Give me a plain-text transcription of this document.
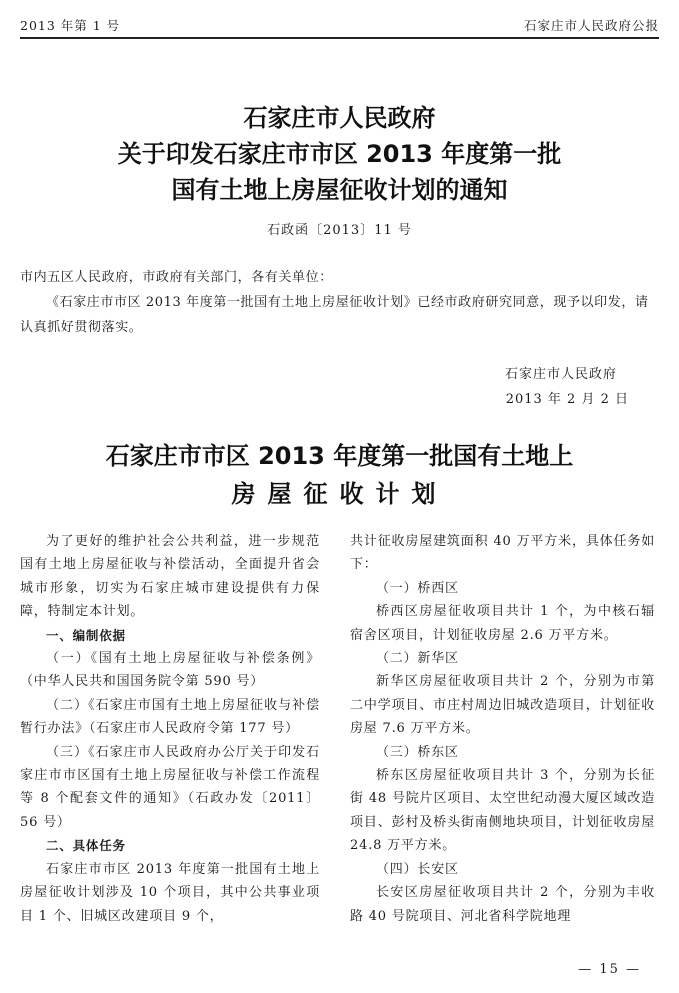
2013 年第 1 号	石家庄市人民政府公报
石家庄市人民政府
关于印发石家庄市市区 2013 年度第一批
国有土地上房屋征收计划的通知
石政函〔2013〕11 号

市内五区人民政府，市政府有关部门，各有关单位：

《石家庄市市区 2013 年度第一批国有土地上房屋征收计划》已经市政府研究同意，现予以印发，请认真抓好贯彻落实。

石家庄市人民政府
2013 年 2 月 2 日
石家庄市市区 2013 年度第一批国有土地上
房屋征收计划

为了更好的维护社会公共利益，进一步规范国有土地上房屋征收与补偿活动，全面提升省会城市形象，切实为石家庄城市建设提供有力保障，特制定本计划。

一、编制依据

（一）《国有土地上房屋征收与补偿条例》（中华人民共和国国务院令第 590 号）

（二）《石家庄市国有土地上房屋征收与补偿暂行办法》（石家庄市人民政府令第 177 号）

（三）《石家庄市人民政府办公厅关于印发石家庄市市区国有土地上房屋征收与补偿工作流程等 8 个配套文件的通知》（石政办发〔2011〕56 号）

二、具体任务

石家庄市市区 2013 年度第一批国有土地上房屋征收计划涉及 10 个项目，其中公共事业项目 1 个、旧城区改建项目 9 个，

共计征收房屋建筑面积 40 万平方米，具体任务如下：

（一）桥西区

桥西区房屋征收项目共计 1 个，为中核石辐宿舍区项目，计划征收房屋 2.6 万平方米。

（二）新华区

新华区房屋征收项目共计 2 个，分别为市第二中学项目、市庄村周边旧城改造项目，计划征收房屋 7.6 万平方米。

（三）桥东区

桥东区房屋征收项目共计 3 个，分别为长征街 48 号院片区项目、太空世纪动漫大厦区域改造项目、彭村及桥头街南侧地块项目，计划征收房屋 24.8 万平方米。

（四）长安区

长安区房屋征收项目共计 2 个，分别为丰收路 40 号院项目、河北省科学院地理

— 15 —
